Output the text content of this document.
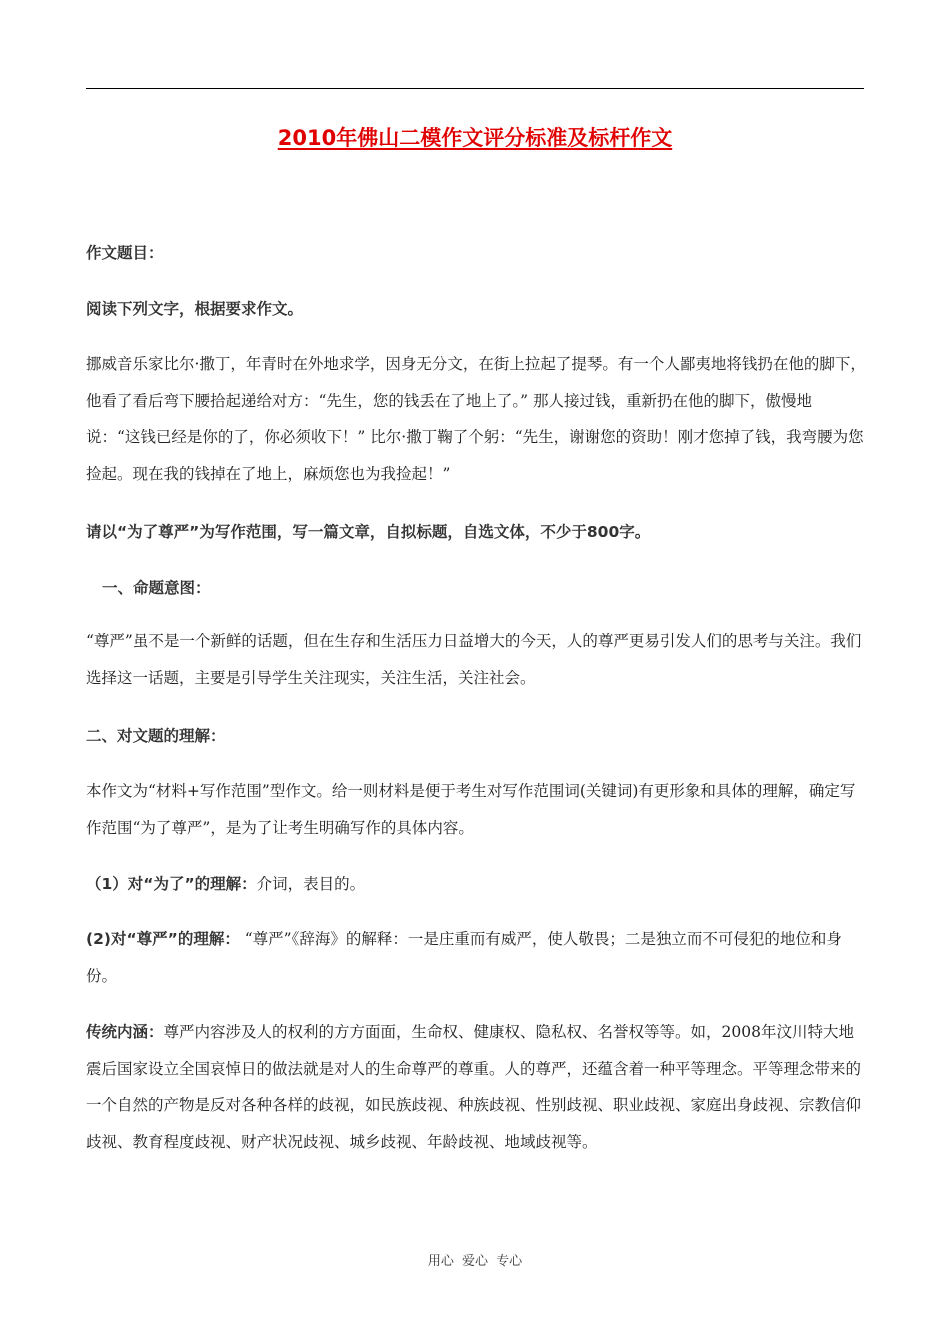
2010年佛山二模作文评分标准及标杆作文

作文题目：

阅读下列文字，根据要求作文。

挪威音乐家比尔·撒丁，年青时在外地求学，因身无分文，在街上拉起了提琴。有一个人鄙夷地将钱扔在他的脚下，他看了看后弯下腰拾起递给对方：“先生，您的钱丢在了地上了。” 那人接过钱，重新扔在他的脚下，傲慢地说：“这钱已经是你的了，你必须收下！” 比尔·撒丁鞠了个躬：“先生，谢谢您的资助！刚才您掉了钱，我弯腰为您捡起。现在我的钱掉在了地上，麻烦您也为我捡起！”

请以“为了尊严”为写作范围，写一篇文章，自拟标题，自选文体，不少于800字。

一、命题意图：

“尊严”虽不是一个新鲜的话题，但在生存和生活压力日益增大的今天，人的尊严更易引发人们的思考与关注。我们选择这一话题，主要是引导学生关注现实，关注生活，关注社会。

二、对文题的理解：

本作文为“材料+写作范围”型作文。给一则材料是便于考生对写作范围词(关键词)有更形象和具体的理解，确定写作范围“为了尊严”，是为了让考生明确写作的具体内容。

（1）对“为了”的理解：介词，表目的。

(2)对“尊严”的理解： “尊严”《辞海》的解释：一是庄重而有威严，使人敬畏；二是独立而不可侵犯的地位和身份。

传统内涵：尊严内容涉及人的权利的方方面面，生命权、健康权、隐私权、名誉权等等。如，2008年汶川特大地震后国家设立全国哀悼日的做法就是对人的生命尊严的尊重。人的尊严，还蕴含着一种平等理念。平等理念带来的一个自然的产物是反对各种各样的歧视，如民族歧视、种族歧视、性别歧视、职业歧视、家庭出身歧视、宗教信仰歧视、教育程度歧视、财产状况歧视、城乡歧视、年龄歧视、地域歧视等。

用心 爱心 专心
